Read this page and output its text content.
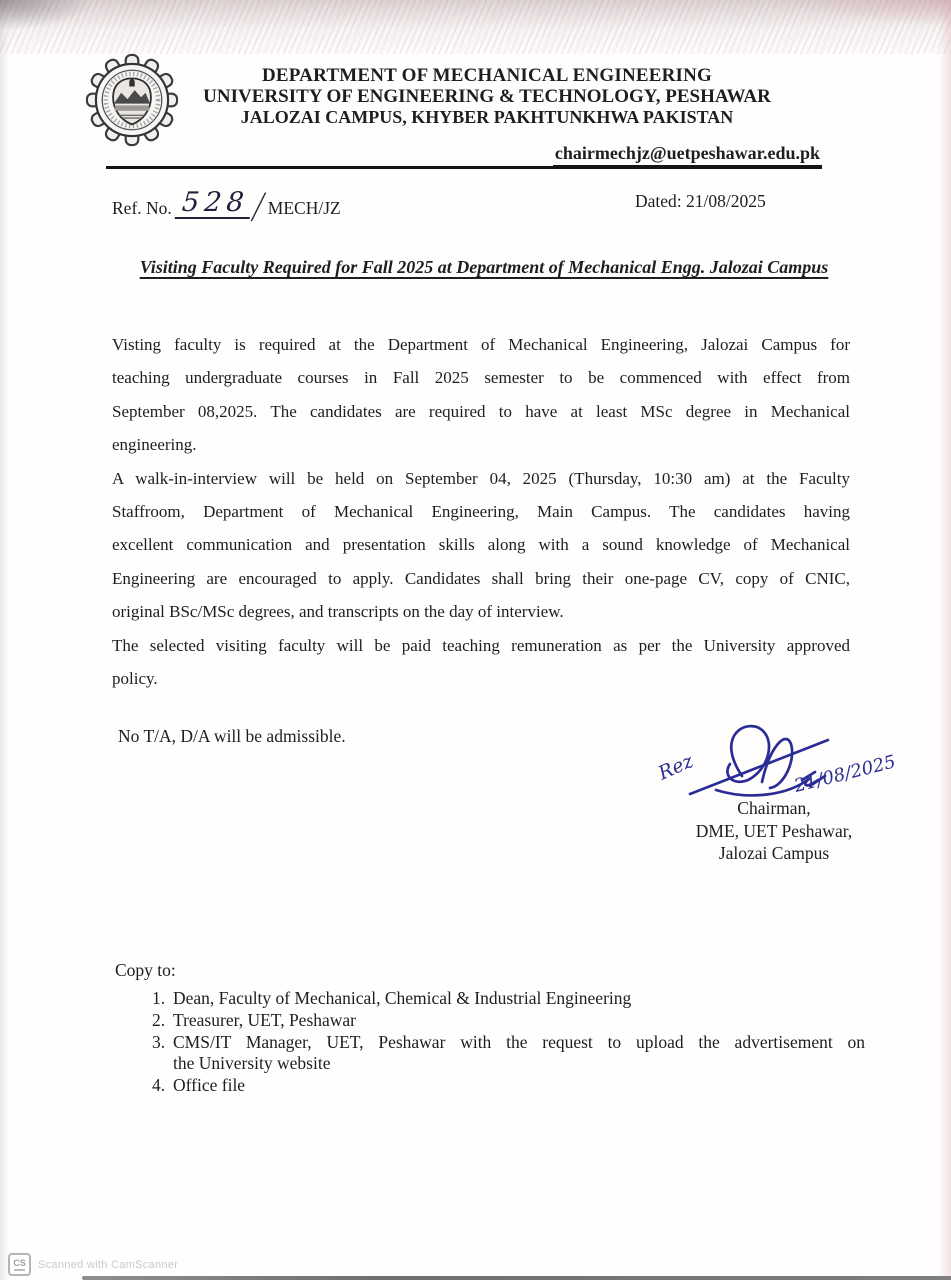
DEPARTMENT OF MECHANICAL ENGINEERING
UNIVERSITY OF ENGINEERING & TECHNOLOGY, PESHAWAR
JALOZAI CAMPUS, KHYBER PAKHTUNKHWA PAKISTAN
chairmechjz@uetpeshawar.edu.pk
Ref. No. 528 / MECH/JZ	Dated: 21/08/2025
Visiting Faculty Required for Fall 2025 at Department of Mechanical Engg. Jalozai Campus
Visting faculty is required at the Department of Mechanical Engineering, Jalozai Campus for
teaching undergraduate courses in Fall 2025 semester to be commenced with effect from
September 08,2025. The candidates are required to have at least MSc degree in Mechanical
engineering.
A walk-in-interview will be held on September 04, 2025 (Thursday, 10:30 am) at the Faculty
Staffroom, Department of Mechanical Engineering, Main Campus. The candidates having
excellent communication and presentation skills along with a sound knowledge of Mechanical
Engineering are encouraged to apply. Candidates shall bring their one-page CV, copy of CNIC,
original BSc/MSc degrees, and transcripts on the day of interview.
The selected visiting faculty will be paid teaching remuneration as per the University approved
policy.
No T/A, D/A will be admissible.
Rez	21/08/2025
Chairman,
DME, UET Peshawar,
Jalozai Campus
Copy to:
1. Dean, Faculty of Mechanical, Chemical & Industrial Engineering
2. Treasurer, UET, Peshawar
3. CMS/IT Manager, UET, Peshawar with the request to upload the advertisement on
the University website
4. Office file
CS Scanned with CamScanner
